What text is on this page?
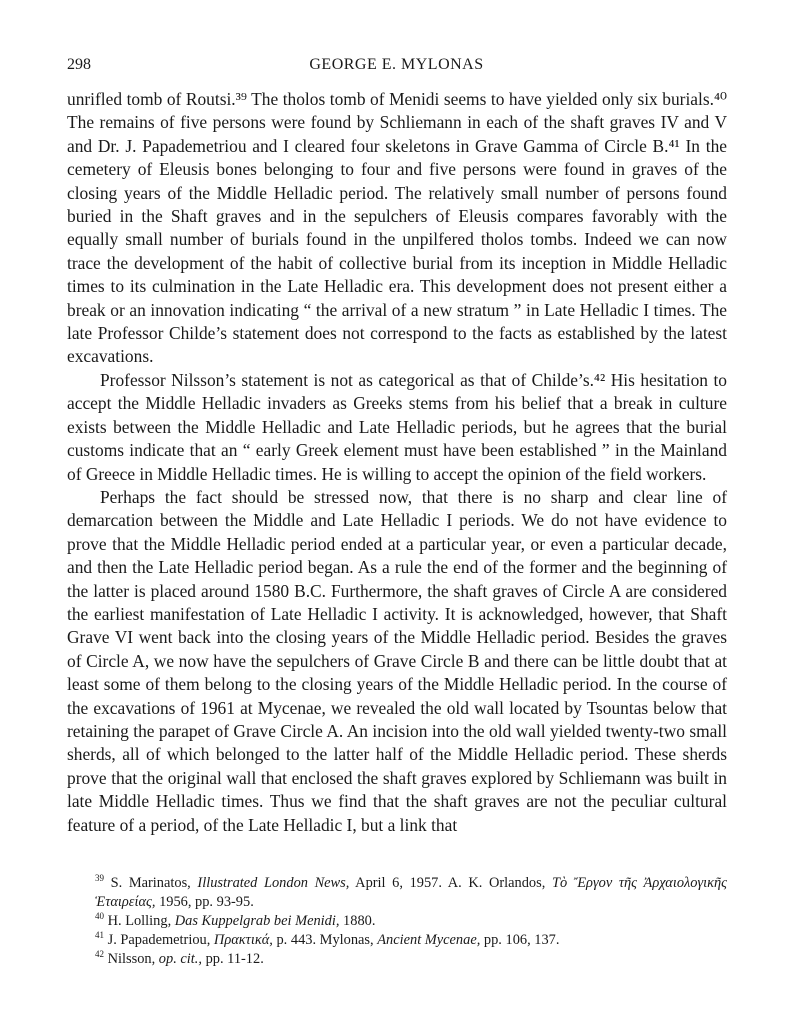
298	GEORGE E. MYLONAS

unrifled tomb of Routsi.³⁹ The tholos tomb of Menidi seems to have yielded only six burials.⁴⁰ The remains of five persons were found by Schliemann in each of the shaft graves IV and V and Dr. J. Papademetriou and I cleared four skeletons in Grave Gamma of Circle B.⁴¹ In the cemetery of Eleusis bones belonging to four and five persons were found in graves of the closing years of the Middle Helladic period. The relatively small number of persons found buried in the Shaft graves and in the sepulchers of Eleusis compares favorably with the equally small number of burials found in the unpilfered tholos tombs. Indeed we can now trace the development of the habit of collective burial from its inception in Middle Helladic times to its culmination in the Late Helladic era. This development does not present either a break or an innovation indicating “ the arrival of a new stratum ” in Late Helladic I times. The late Professor Childe’s statement does not correspond to the facts as established by the latest excavations.

Professor Nilsson’s statement is not as categorical as that of Childe’s.⁴² His hesitation to accept the Middle Helladic invaders as Greeks stems from his belief that a break in culture exists between the Middle Helladic and Late Helladic periods, but he agrees that the burial customs indicate that an “ early Greek element must have been established ” in the Mainland of Greece in Middle Helladic times. He is willing to accept the opinion of the field workers.

Perhaps the fact should be stressed now, that there is no sharp and clear line of demarcation between the Middle and Late Helladic I periods. We do not have evidence to prove that the Middle Helladic period ended at a particular year, or even a particular decade, and then the Late Helladic period began. As a rule the end of the former and the beginning of the latter is placed around 1580 B.C. Furthermore, the shaft graves of Circle A are considered the earliest manifestation of Late Helladic I activity. It is acknowledged, however, that Shaft Grave VI went back into the closing years of the Middle Helladic period. Besides the graves of Circle A, we now have the sepulchers of Grave Circle B and there can be little doubt that at least some of them belong to the closing years of the Middle Helladic period. In the course of the excavations of 1961 at Mycenae, we revealed the old wall located by Tsountas below that retaining the parapet of Grave Circle A. An incision into the old wall yielded twenty-two small sherds, all of which belonged to the latter half of the Middle Helladic period. These sherds prove that the original wall that enclosed the shaft graves explored by Schliemann was built in late Middle Helladic times. Thus we find that the shaft graves are not the peculiar cultural feature of a period, of the Late Helladic I, but a link that

$^{39}$ S. Marinatos, Illustrated London News, April 6, 1957. A. K. Orlandos, Τὸ Ἔργον τῆς Ἀρχαιολογικῆς Ἑταιρείας, 1956, pp. 93-95.

$^{40}$ H. Lolling, Das Kuppelgrab bei Menidi, 1880.

$^{41}$ J. Papademetriou, Πρακτικά, p. 443. Mylonas, Ancient Mycenae, pp. 106, 137.

$^{42}$ Nilsson, op. cit., pp. 11-12.
